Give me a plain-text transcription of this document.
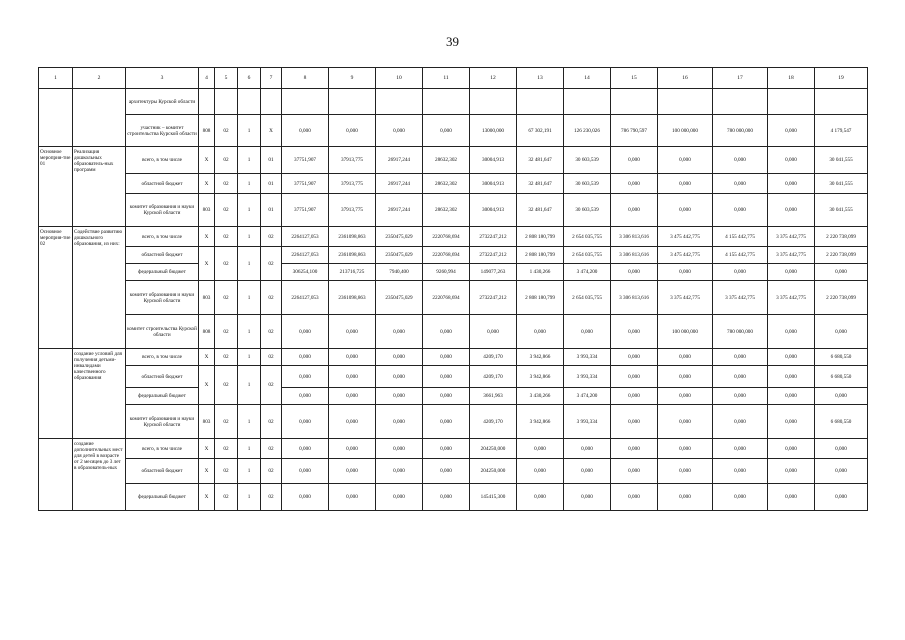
39
1	2	3	4	5	6	7	8	9	10	11	12	13	14	15	16	17	18	19
		архитектуры Курской области																
		участник – комитет строительства Курской области	808	02	1	Х	0,000	0,000	0,000	0,000	13000,000	67 302,191	126 230,026	786 790,597	100 000,000	780 000,000	0,000	4 179,547
Основное мероприя-тие 01	Реализация дошкольных образователь-ных программ	всего, в том числе	Х	02	1	01	37751,907	37913,775	26917,244	28632,302	30004,913	32 481,647	30 603,539	0,000	0,000	0,000	0,000	30 041,555
		областной бюджет	Х	02	1	01	37751,907	37913,775	26917,244	28632,302	30004,913	32 481,647	30 603,539	0,000	0,000	0,000	0,000	30 041,555
		комитет образования и науки Курской области	803	02	1	01	37751,907	37913,775	26917,244	28632,302	30004,913	32 481,647	30 603,539	0,000	0,000	0,000	0,000	30 041,555
Основное мероприя-тие 02	Содействие развитию дошкольного образования, из них:	всего, в том числе	Х	02	1	02	2264127,053	2361098,863	2350475,029	2220768,694	2732247,212	2 808 180,799	2 654 035,755	3 306 813,616	3 475 442,775	4 155 442,775	3 375 442,775	2 220 738,099
		областной бюджет	Х	02	1	02	2264127,053	2361098,863	2350475,029	2220768,694	2732247,212	2 808 180,799	2 654 035,755	3 306 813,616	3 475 442,775	4 155 442,775	3 375 442,775	2 220 738,099
		федеральный бюджет					306254,100	213716,725	7940,400	9260,994	149077,263	1 430,266	3 474,200	0,000	0,000	0,000	0,000	0,000
		комитет образования и науки Курской области	803	02	1	02	2264127,053	2361098,863	2350475,029	2220768,694	2732247,212	2 808 180,799	2 654 035,755	3 306 813,616	3 375 442,775	3 375 442,775	3 375 442,775	2 220 738,099
		комитет строительства Курской области	808	02	1	02	0,000	0,000	0,000	0,000	0,000	0,000	0,000	0,000	100 000,000	780 000,000	0,000	0,000
	создание условий для получения детьми-инвалидами качественного образования	всего, в том числе	Х	02	1	02	0,000	0,000	0,000	0,000	4209,170	3 942,866	3 993,334	0,000	0,000	0,000	0,000	6 680,550
		областной бюджет	Х	02	1	02	0,000	0,000	0,000	0,000	4209,170	3 942,866	3 993,334	0,000	0,000	0,000	0,000	6 680,550
		федеральный бюджет					0,000	0,000	0,000	0,000	3661,963	3 430,266	3 474,200	0,000	0,000	0,000	0,000	0,000
		комитет образования и науки Курской области	803	02	1	02	0,000	0,000	0,000	0,000	4209,170	3 942,866	3 993,334	0,000	0,000	0,000	0,000	6 680,550
	создание дополнительных мест для детей в возрасте от 2 месяцев до 3 лет в образователь-ных	всего, в том числе	Х	02	1	02	0,000	0,000	0,000	0,000	204250,000	0,000	0,000	0,000	0,000	0,000	0,000	0,000
		областной бюджет	Х	02	1	02	0,000	0,000	0,000	0,000	204250,000	0,000	0,000	0,000	0,000	0,000	0,000	0,000
		федеральный бюджет	Х	02	1	02	0,000	0,000	0,000	0,000	145415,300	0,000	0,000	0,000	0,000	0,000	0,000	0,000
